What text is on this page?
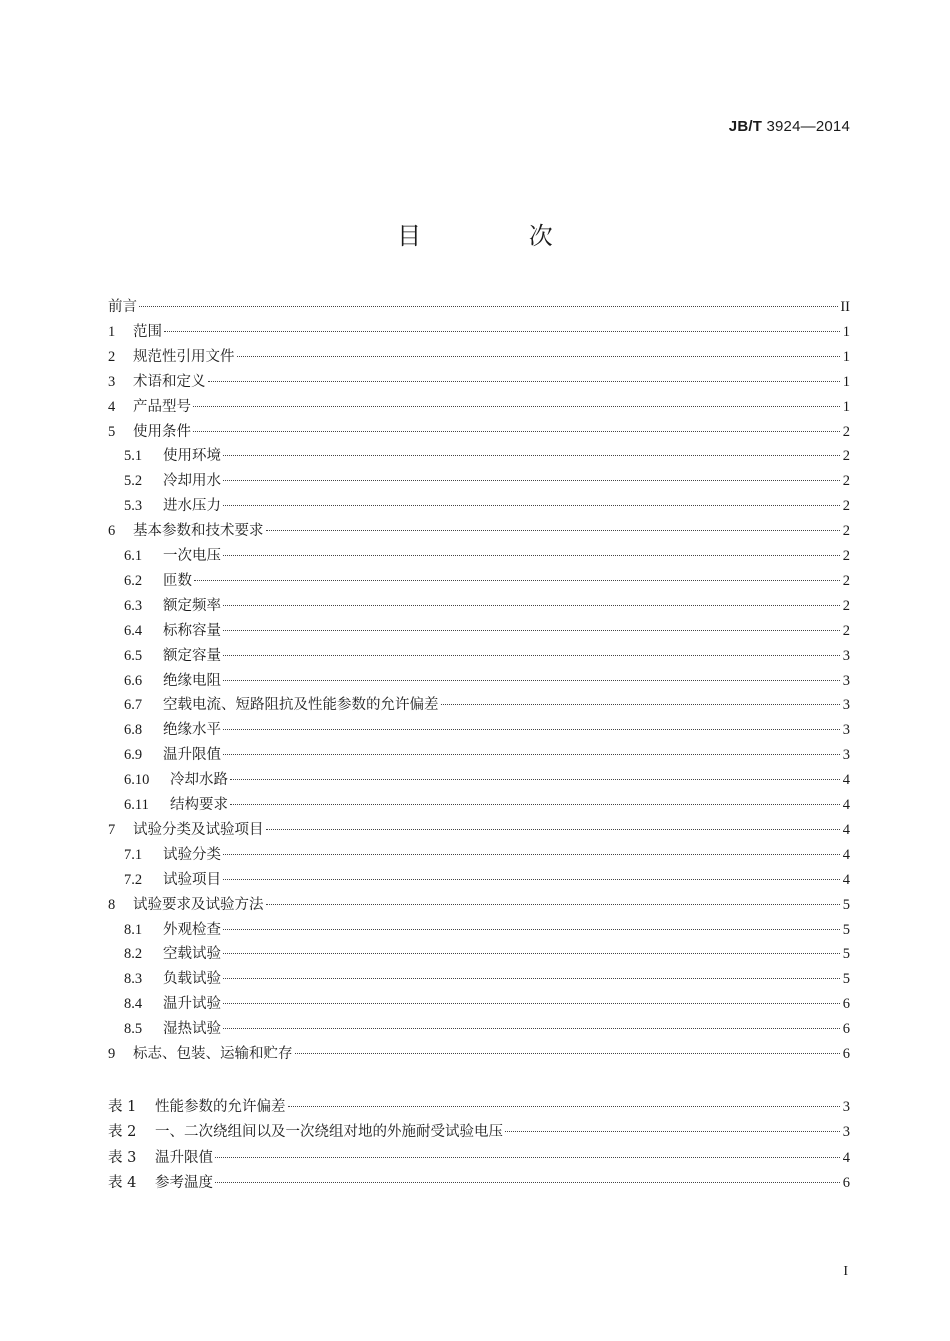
JB/T 3924—2014
目 次
前言	II
1	范围	1
2	规范性引用文件	1
3	术语和定义	1
4	产品型号	1
5	使用条件	2
5.1	使用环境	2
5.2	冷却用水	2
5.3	进水压力	2
6	基本参数和技术要求	2
6.1	一次电压	2
6.2	匝数	2
6.3	额定频率	2
6.4	标称容量	2
6.5	额定容量	3
6.6	绝缘电阻	3
6.7	空载电流、短路阻抗及性能参数的允许偏差	3
6.8	绝缘水平	3
6.9	温升限值	3
6.10	冷却水路	4
6.11	结构要求	4
7	试验分类及试验项目	4
7.1	试验分类	4
7.2	试验项目	4
8	试验要求及试验方法	5
8.1	外观检查	5
8.2	空载试验	5
8.3	负载试验	5
8.4	温升试验	6
8.5	湿热试验	6
9	标志、包装、运输和贮存	6
表 1	性能参数的允许偏差	3
表 2	一、二次绕组间以及一次绕组对地的外施耐受试验电压	3
表 3	温升限值	4
表 4	参考温度	6
I
